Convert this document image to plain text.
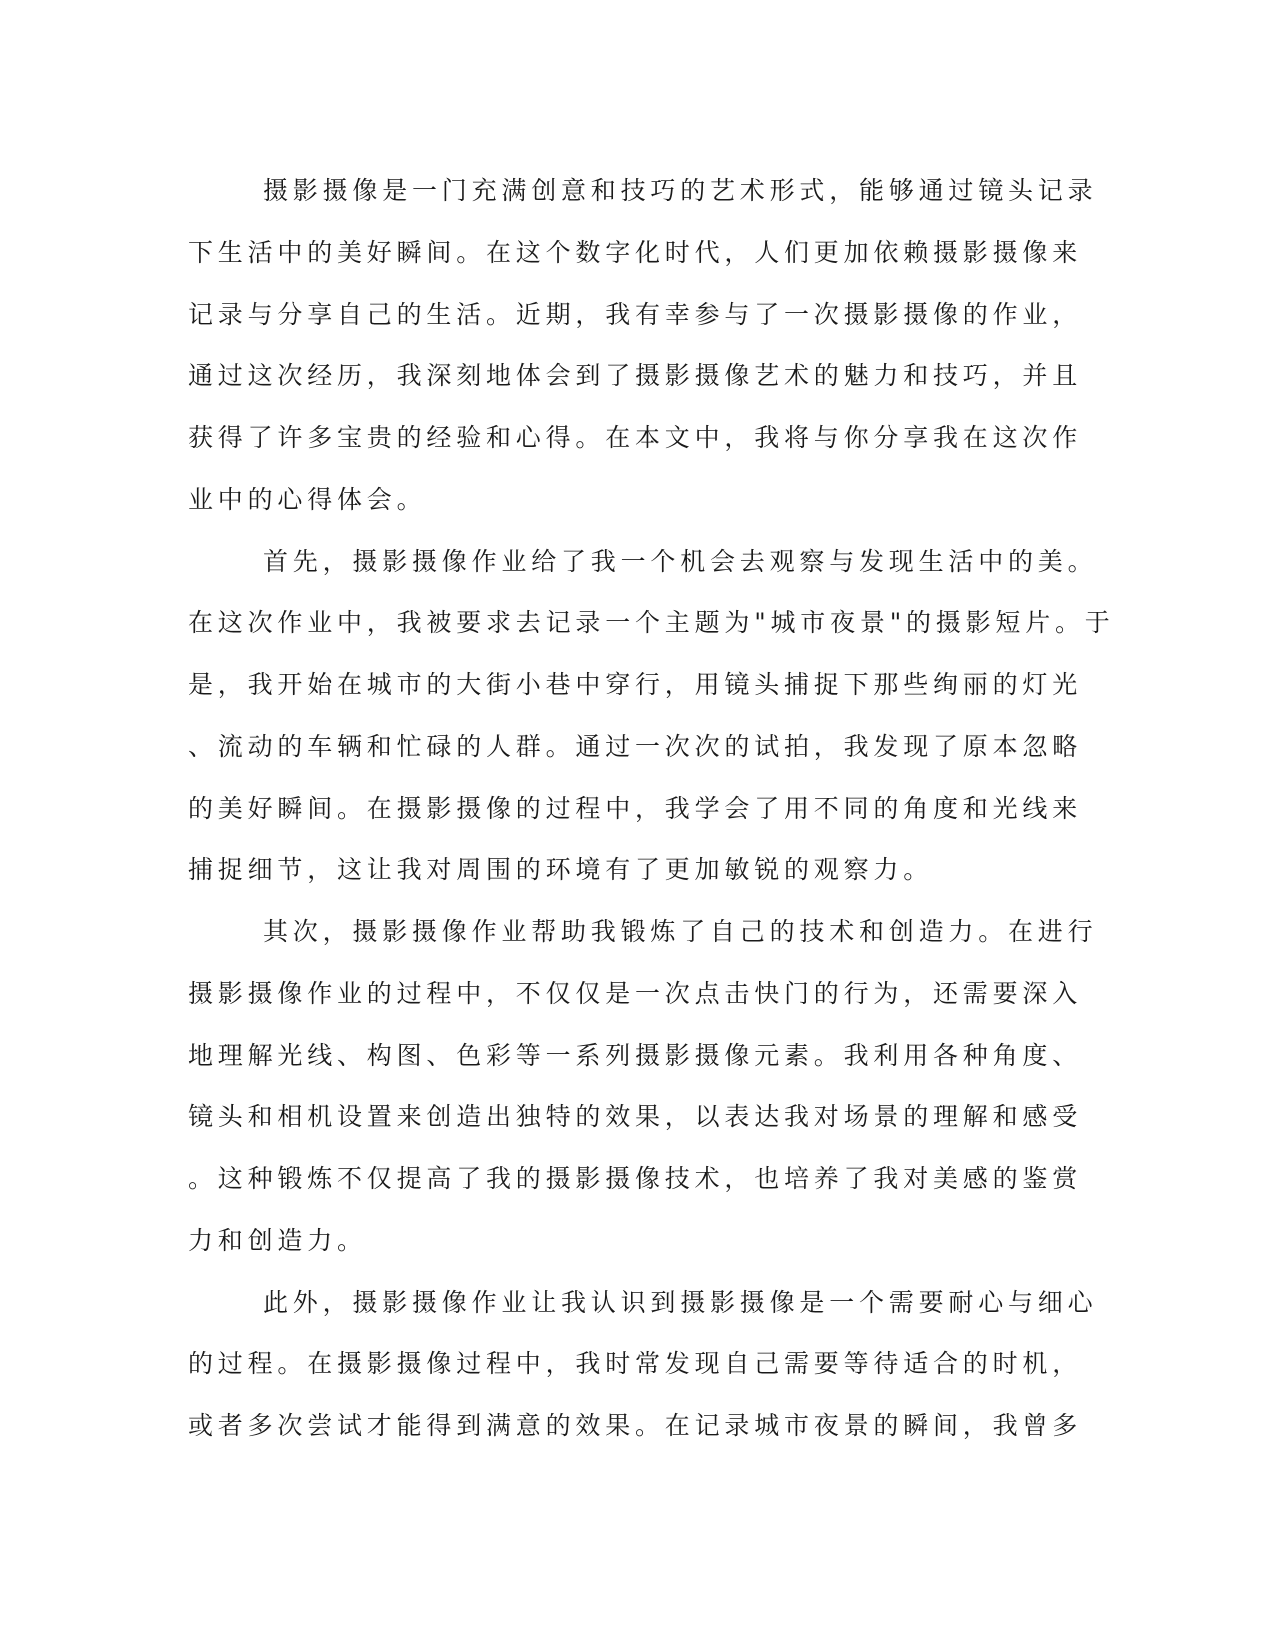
摄影摄像是一门充满创意和技巧的艺术形式，能够通过镜头记录
下生活中的美好瞬间。在这个数字化时代，人们更加依赖摄影摄像来
记录与分享自己的生活。近期，我有幸参与了一次摄影摄像的作业，
通过这次经历，我深刻地体会到了摄影摄像艺术的魅力和技巧，并且
获得了许多宝贵的经验和心得。在本文中，我将与你分享我在这次作
业中的心得体会。
首先，摄影摄像作业给了我一个机会去观察与发现生活中的美。
在这次作业中，我被要求去记录一个主题为"城市夜景"的摄影短片。于
是，我开始在城市的大街小巷中穿行，用镜头捕捉下那些绚丽的灯光
、流动的车辆和忙碌的人群。通过一次次的试拍，我发现了原本忽略
的美好瞬间。在摄影摄像的过程中，我学会了用不同的角度和光线来
捕捉细节，这让我对周围的环境有了更加敏锐的观察力。
其次，摄影摄像作业帮助我锻炼了自己的技术和创造力。在进行
摄影摄像作业的过程中，不仅仅是一次点击快门的行为，还需要深入
地理解光线、构图、色彩等一系列摄影摄像元素。我利用各种角度、
镜头和相机设置来创造出独特的效果，以表达我对场景的理解和感受
。这种锻炼不仅提高了我的摄影摄像技术，也培养了我对美感的鉴赏
力和创造力。
此外，摄影摄像作业让我认识到摄影摄像是一个需要耐心与细心
的过程。在摄影摄像过程中，我时常发现自己需要等待适合的时机，
或者多次尝试才能得到满意的效果。在记录城市夜景的瞬间，我曾多
